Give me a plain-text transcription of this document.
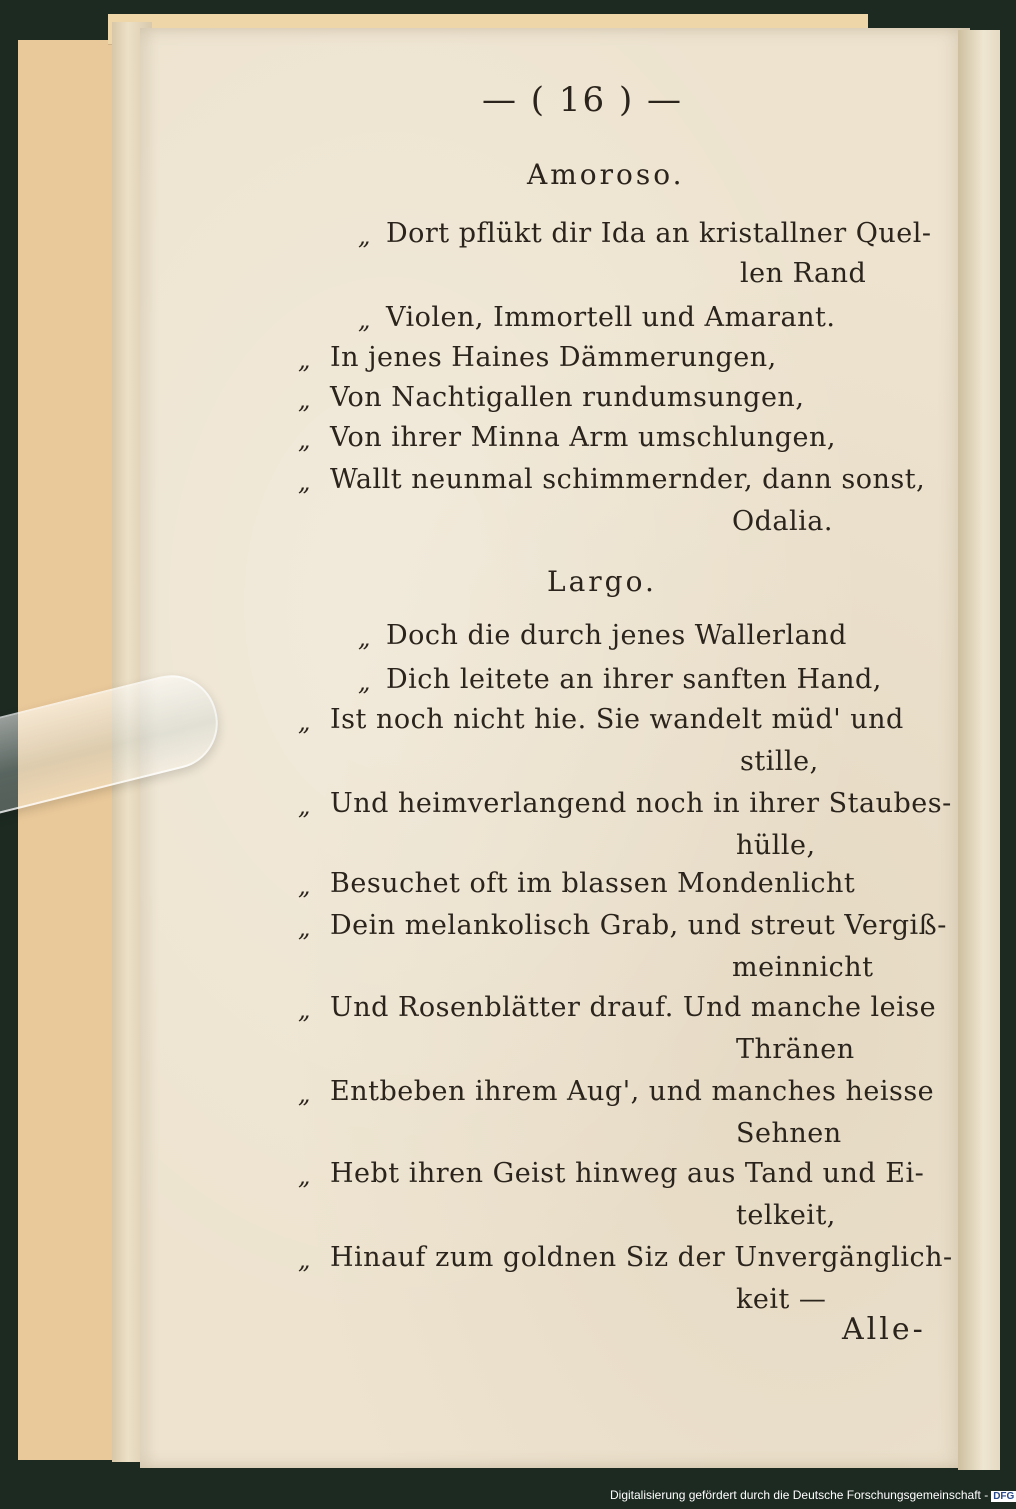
— ( 16 ) —
Amoroso.
„ Dort pflükt dir Ida an kristallner Quel-
len Rand
„ Violen, Immortell und Amarant.
„ In jenes Haines Dämmerungen,
„ Von Nachtigallen rundumsungen,
„ Von ihrer Minna Arm umschlungen,
„ Wallt neunmal schimmernder, dann sonst,
Odalia.
Largo.
„ Doch die durch jenes Wallerland
„ Dich leitete an ihrer sanften Hand,
„ Ist noch nicht hie. Sie wandelt müd' und
stille,
„ Und heimverlangend noch in ihrer Staubes-
hülle,
„ Besuchet oft im blassen Mondenlicht
„ Dein melankolisch Grab, und streut Vergiß-
meinnicht
„ Und Rosenblätter drauf. Und manche leise
Thränen
„ Entbeben ihrem Aug', und manches heisse
Sehnen
„ Hebt ihren Geist hinweg aus Tand und Ei-
telkeit,
„ Hinauf zum goldnen Siz der Unvergänglich-
keit —
Alle-
Digitalisierung gefördert durch die Deutsche Forschungsgemeinschaft - DFG
